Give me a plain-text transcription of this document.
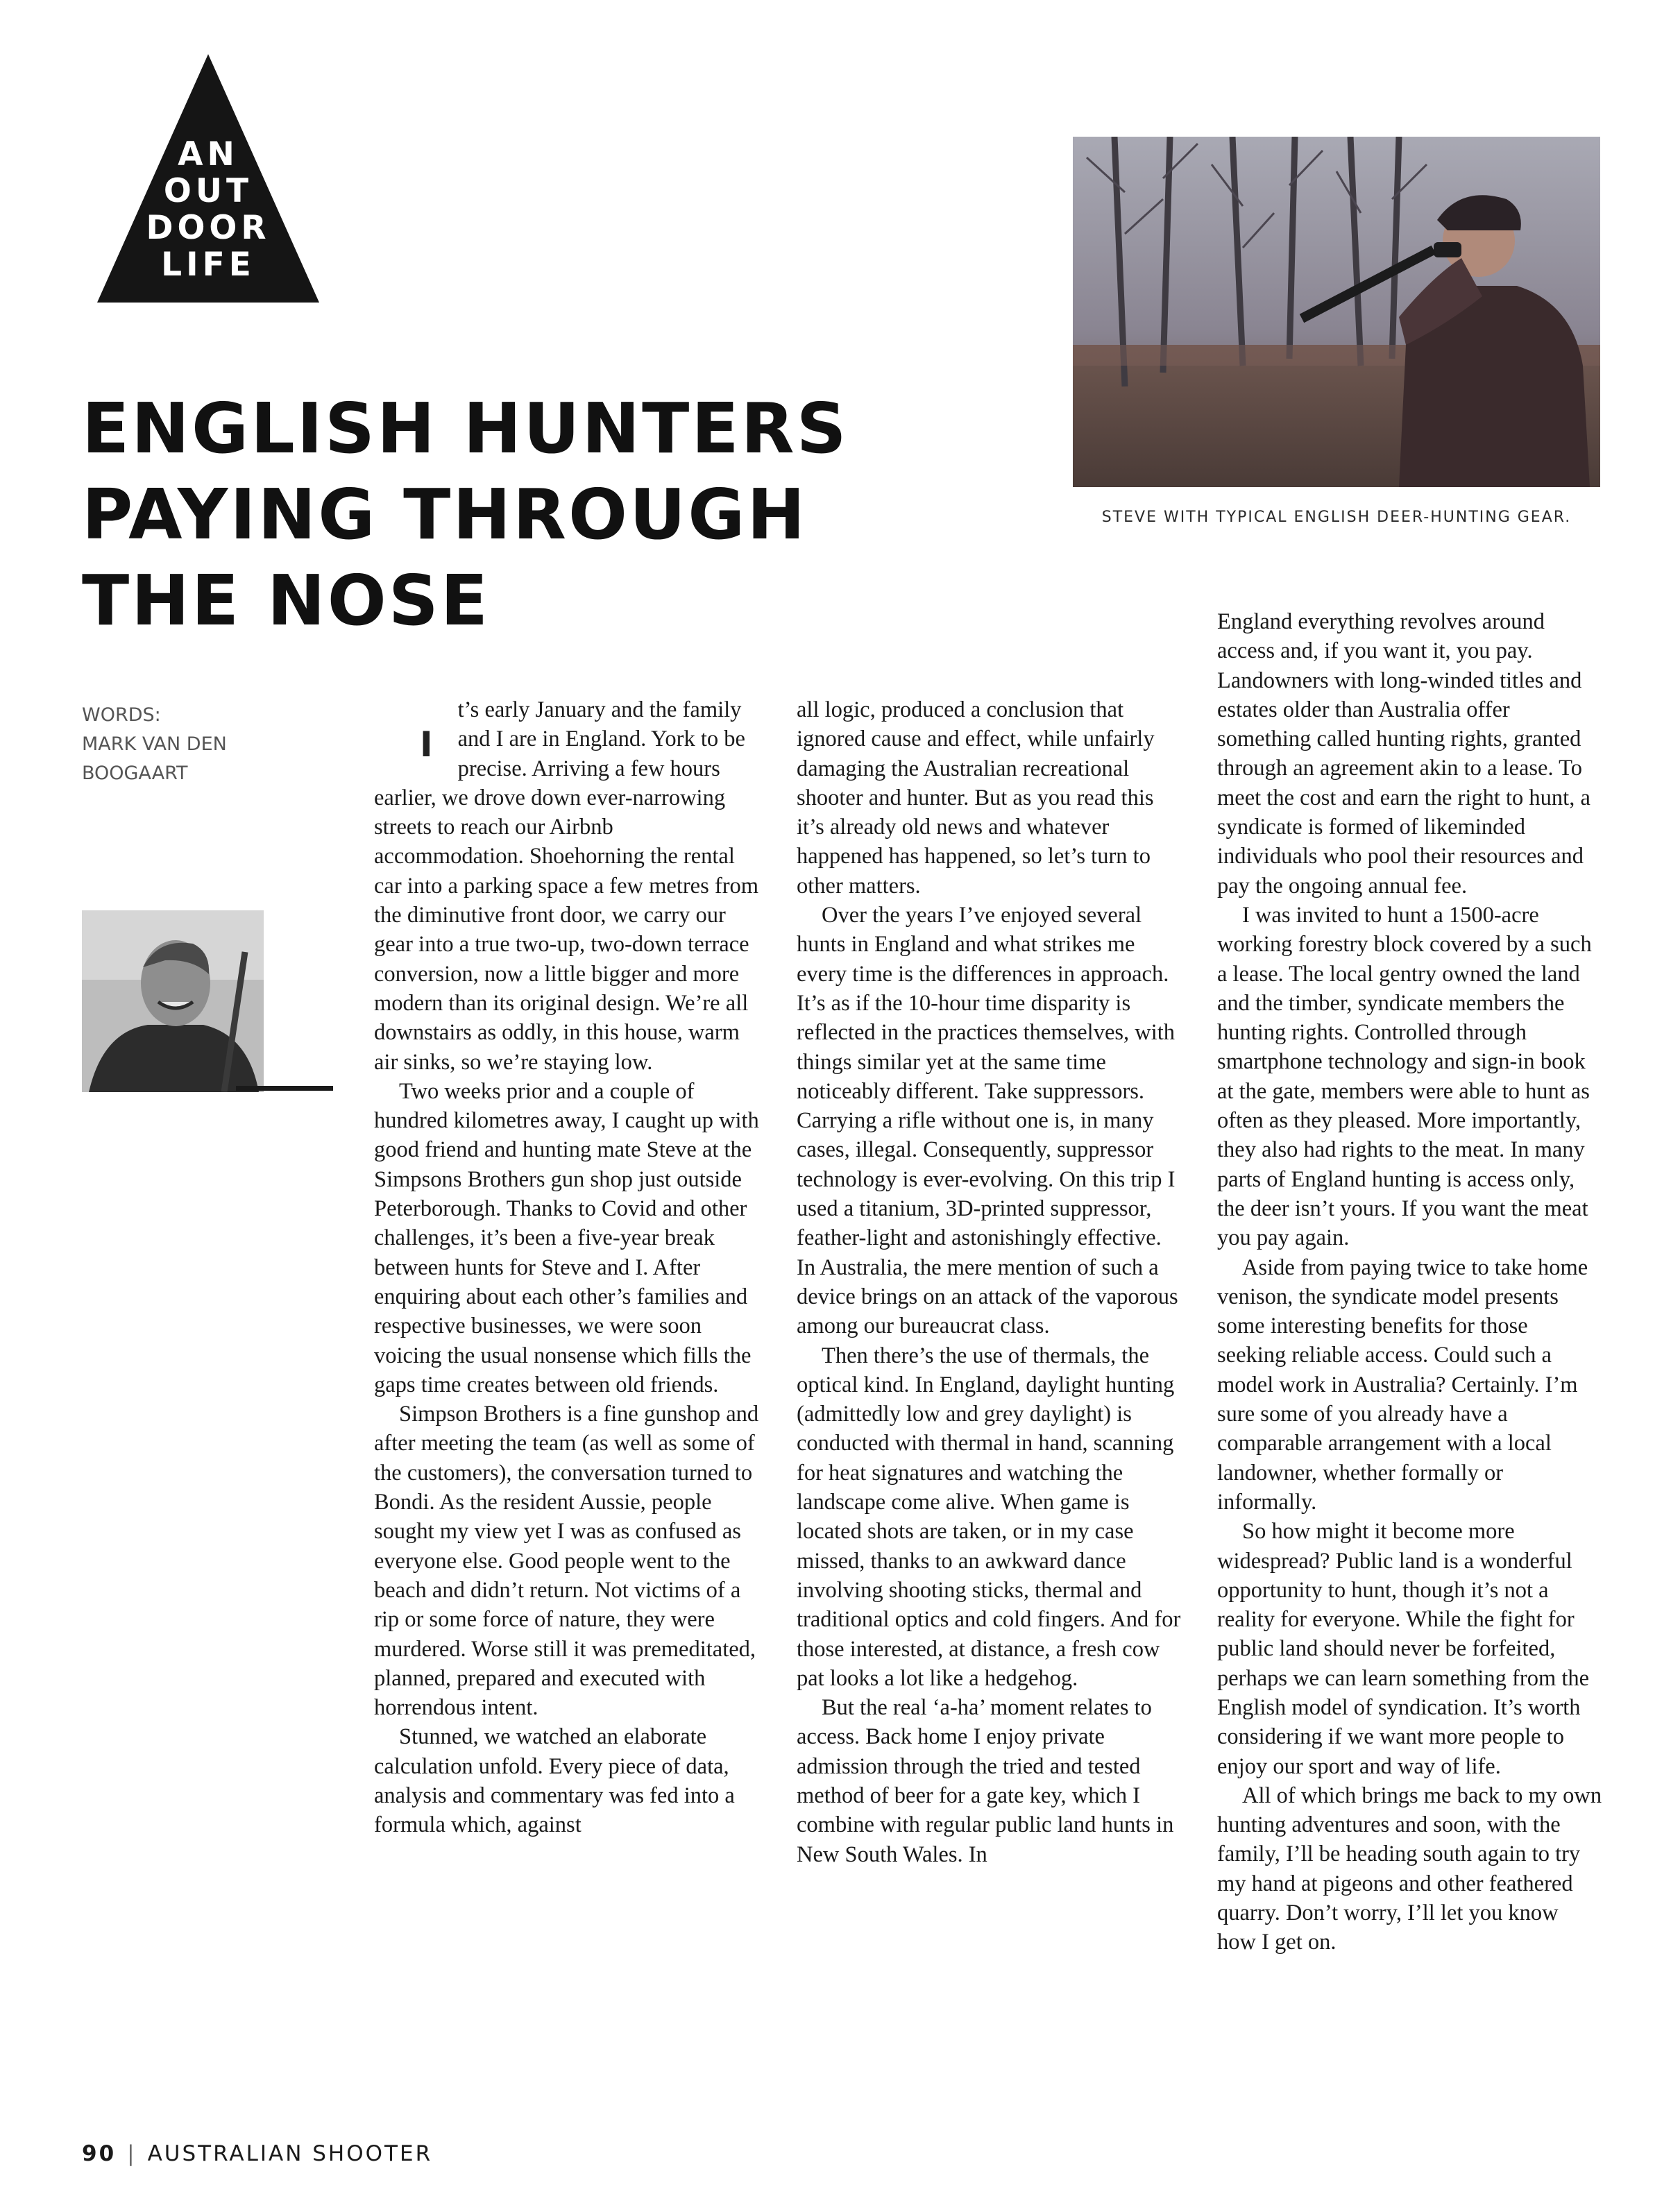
AN
OUT
DOOR
LIFE
ENGLISH HUNTERS
PAYING THROUGH
THE NOSE
STEVE WITH TYPICAL ENGLISH DEER-HUNTING GEAR.
WORDS:
MARK VAN DEN BOOGAART
I

t’s early January and the family and I are in England. York to be precise. Arriving a few hours earlier, we drove down ever-narrowing streets to reach our Airbnb accommodation. Shoehorning the rental car into a parking space a few metres from the diminutive front door, we carry our gear into a true two-up, two-down terrace conversion, now a little bigger and more modern than its original design. We’re all downstairs as oddly, in this house, warm air sinks, so we’re staying low.

Two weeks prior and a couple of hundred kilometres away, I caught up with good friend and hunting mate Steve at the Simpsons Brothers gun shop just outside Peterborough. Thanks to Covid and other challenges, it’s been a five-year break between hunts for Steve and I. After enquiring about each other’s families and respective businesses, we were soon voicing the usual nonsense which fills the gaps time creates between old friends.

Simpson Brothers is a fine gunshop and after meeting the team (as well as some of the customers), the conversation turned to Bondi. As the resident Aussie, people sought my view yet I was as confused as everyone else. Good people went to the beach and didn’t return. Not victims of a rip or some force of nature, they were murdered. Worse still it was premeditated, planned, prepared and executed with horrendous intent.

Stunned, we watched an elaborate calculation unfold. Every piece of data, analysis and commentary was fed into a formula which, against

all logic, produced a conclusion that ignored cause and effect, while unfairly damaging the Australian recreational shooter and hunter. But as you read this it’s already old news and whatever happened has happened, so let’s turn to other matters.

Over the years I’ve enjoyed several hunts in England and what strikes me every time is the differences in approach. It’s as if the 10-hour time disparity is reflected in the practices themselves, with things similar yet at the same time noticeably different. Take suppressors. Carrying a rifle without one is, in many cases, illegal. Consequently, suppressor technology is ever-evolving. On this trip I used a titanium, 3D-printed suppressor, feather-light and astonishingly effective. In Australia, the mere mention of such a device brings on an attack of the vaporous among our bureaucrat class.

Then there’s the use of thermals, the optical kind. In England, daylight hunting (admittedly low and grey daylight) is conducted with thermal in hand, scanning for heat signatures and watching the landscape come alive. When game is located shots are taken, or in my case missed, thanks to an awkward dance involving shooting sticks, thermal and traditional optics and cold fingers. And for those interested, at distance, a fresh cow pat looks a lot like a hedgehog.

But the real ‘a-ha’ moment relates to access. Back home I enjoy private admission through the tried and tested method of beer for a gate key, which I combine with regular public land hunts in New South Wales. In

England everything revolves around access and, if you want it, you pay. Landowners with long-winded titles and estates older than Australia offer something called hunting rights, granted through an agreement akin to a lease. To meet the cost and earn the right to hunt, a syndicate is formed of likeminded individuals who pool their resources and pay the ongoing annual fee.

I was invited to hunt a 1500-acre working forestry block covered by a such a lease. The local gentry owned the land and the timber, syndicate members the hunting rights. Controlled through smartphone technology and sign-in book at the gate, members were able to hunt as often as they pleased. More importantly, they also had rights to the meat. In many parts of England hunting is access only, the deer isn’t yours. If you want the meat you pay again.

Aside from paying twice to take home venison, the syndicate model presents some interesting benefits for those seeking reliable access. Could such a model work in Australia? Certainly. I’m sure some of you already have a comparable arrangement with a local landowner, whether formally or informally.

So how might it become more widespread? Public land is a wonderful opportunity to hunt, though it’s not a reality for everyone. While the fight for public land should never be forfeited, perhaps we can learn something from the English model of syndication. It’s worth considering if we want more people to enjoy our sport and way of life.

All of which brings me back to my own hunting adventures and soon, with the family, I’ll be heading south again to try my hand at pigeons and other feathered quarry. Don’t worry, I’ll let you know how I get on.

90 | AUSTRALIAN SHOOTER
